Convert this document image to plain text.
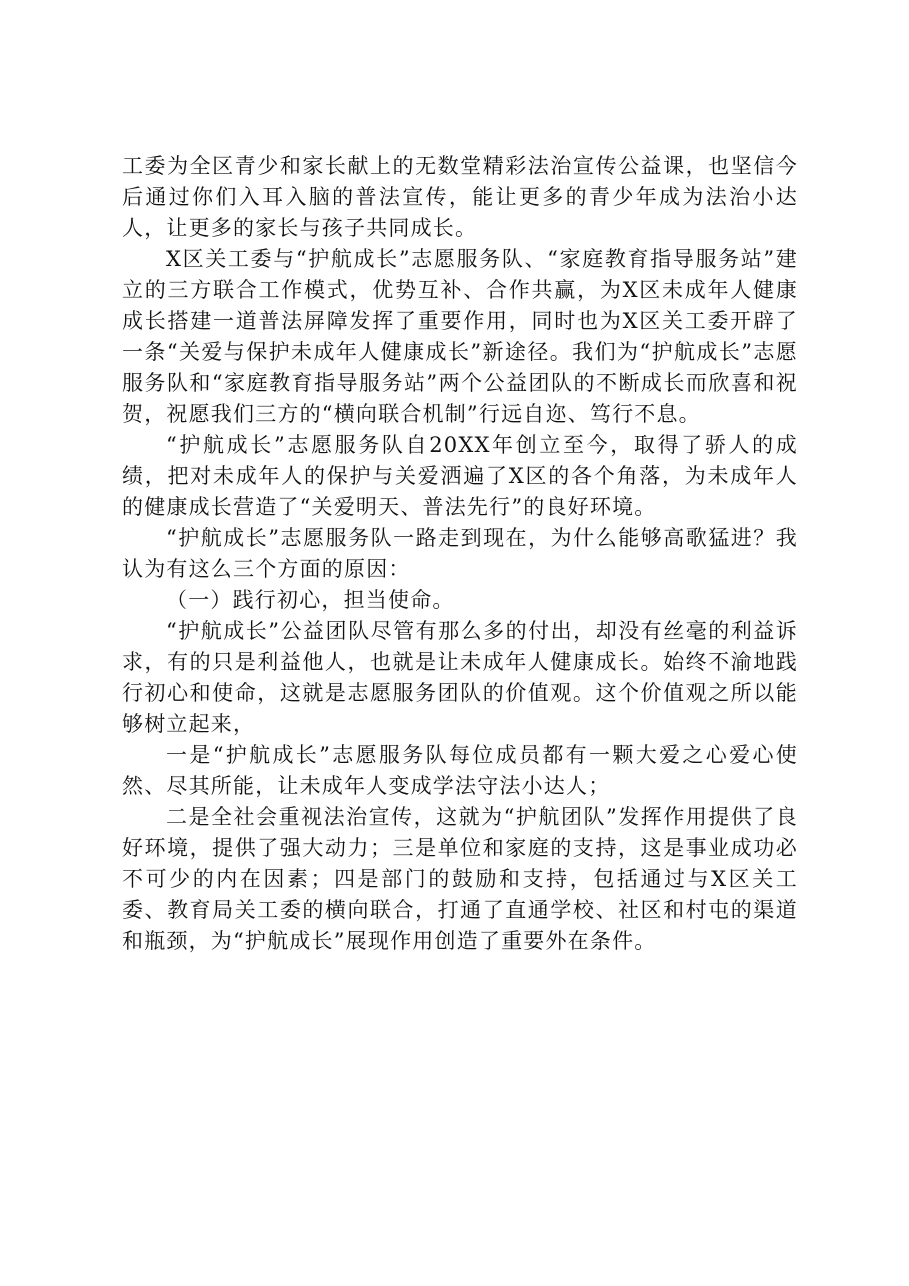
工委为全区青少和家长献上的无数堂精彩法治宣传公益课，也坚信今后通过你们入耳入脑的普法宣传，能让更多的青少年成为法治小达人，让更多的家长与孩子共同成长。

X区关工委与“护航成长”志愿服务队、“家庭教育指导服务站”建立的三方联合工作模式，优势互补、合作共赢，为X区未成年人健康成长搭建一道普法屏障发挥了重要作用，同时也为X区关工委开辟了一条“关爱与保护未成年人健康成长”新途径。我们为“护航成长”志愿服务队和“家庭教育指导服务站”两个公益团队的不断成长而欣喜和祝贺，祝愿我们三方的“横向联合机制”行远自迩、笃行不息。

“护航成长”志愿服务队自20XX年创立至今，取得了骄人的成绩，把对未成年人的保护与关爱洒遍了X区的各个角落，为未成年人的健康成长营造了“关爱明天、普法先行”的良好环境。

“护航成长”志愿服务队一路走到现在，为什么能够高歌猛进？我认为有这么三个方面的原因：

（一）践行初心，担当使命。

“护航成长”公益团队尽管有那么多的付出，却没有丝毫的利益诉求，有的只是利益他人，也就是让未成年人健康成长。始终不渝地践行初心和使命，这就是志愿服务团队的价值观。这个价值观之所以能够树立起来，

一是“护航成长”志愿服务队每位成员都有一颗大爱之心爱心使然、尽其所能，让未成年人变成学法守法小达人；

二是全社会重视法治宣传，这就为“护航团队”发挥作用提供了良好环境，提供了强大动力；三是单位和家庭的支持，这是事业成功必不可少的内在因素；四是部门的鼓励和支持，包括通过与X区关工委、教育局关工委的横向联合，打通了直通学校、社区和村屯的渠道和瓶颈，为“护航成长”展现作用创造了重要外在条件。
